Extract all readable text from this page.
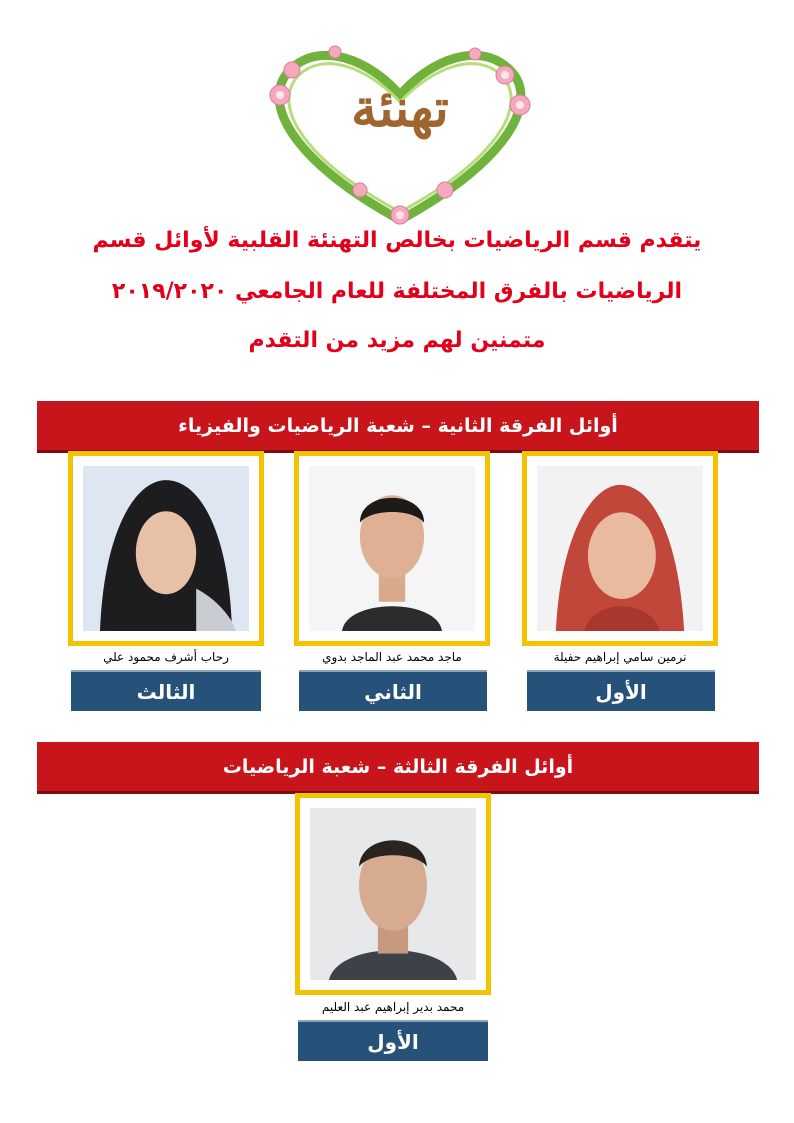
تهنئة
يتقدم قسم الرياضيات بخالص التهنئة القلبية لأوائل قسم
الرياضيات بالفرق المختلفة للعام الجامعي ٢٠١٩/٢٠٢٠
متمنين لهم مزيد من التقدم
أوائل الفرقة الثانية – شعبة الرياضيات والفيزياء
نرمين سامي إبراهيم حفيلة
الأول
ماجد محمد عبد الماجد بدوي
الثاني
رحاب أشرف محمود علي
الثالث
أوائل الفرقة الثالثة – شعبة الرياضيات
محمد بدير إبراهيم عبد العليم
الأول
